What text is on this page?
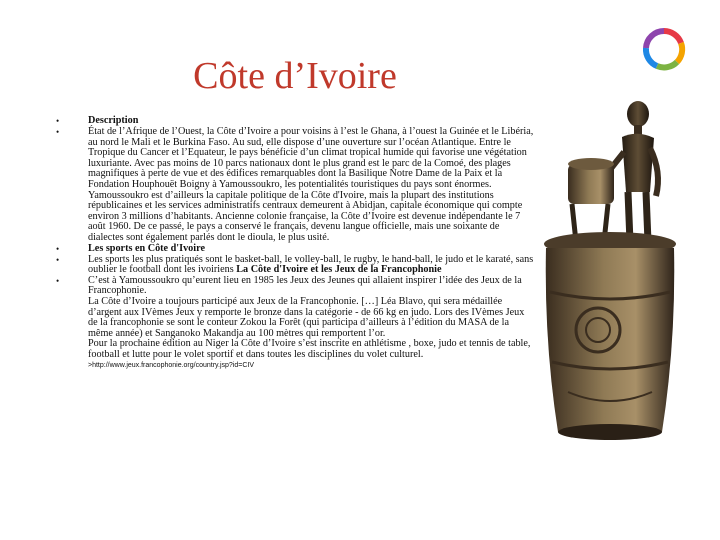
Côte d’Ivoire
•	Description
•	État de l’Afrique de l’Ouest, la Côte d’Ivoire a pour voisins à l’est le Ghana, à l’ouest la Guinée et le Libéria, au nord le Mali et le Burkina Faso. Au sud, elle dispose d’une ouverture sur l’océan Atlantique. Entre le Tropique du Cancer et l’Equateur, le pays bénéficie d’un climat tropical humide qui favorise une végétation luxuriante. Avec pas moins de 10 parcs nationaux dont le plus grand est le parc de la Comoé, des plages magnifiques à perte de vue et des édifices remarquables dont la Basilique Notre Dame de la Paix et la Fondation Houphouët Boigny à Yamoussoukro, les potentialités touristiques du pays sont énormes. Yamoussoukro est d’ailleurs la capitale politique de la Côte d'Ivoire, mais la plupart des institutions républicaines et les services administratifs centraux demeurent à Abidjan, capitale économique qui compte environ 3 millions d’habitants. Ancienne colonie française, la Côte d’Ivoire est devenue indépendante le 7 août 1960. De ce passé, le pays a conservé le français, devenu langue officielle, mais une soixante de dialectes sont également parlés dont le dioula, le plus usité.
•	Les sports en Côte d'Ivoire
•	Les sports les plus pratiqués sont le basket-ball, le volley-ball, le rugby, le hand-ball, le judo et le karaté, sans oublier le football dont les ivoiriens La Côte d'Ivoire et les Jeux de la Francophonie
•	C’est à Yamoussoukro qu’eurent lieu en 1985 les Jeux des Jeunes qui allaient inspirer l’idée des Jeux de la Francophonie.
La Côte d’Ivoire a toujours participé aux Jeux de la Francophonie. […] Léa Blavo, qui sera médaillée d’argent aux IVèmes Jeux y remporte le bronze dans la catégorie - de 66 kg en judo. Lors des IVèmes Jeux de la francophonie se sont le conteur Zokou la Forêt (qui participa d’ailleurs à l’édition du MASA de la même année) et Sanganoko Makandja au 100 mètres qui remportent l’or.
Pour la prochaine édition au Niger la Côte d’Ivoire s’est inscrite en athlétisme , boxe, judo et tennis de table, football et lutte pour le volet sportif et dans toutes les disciplines du volet culturel. >http://www.jeux.francophonie.org/country.jsp?id=CIV
